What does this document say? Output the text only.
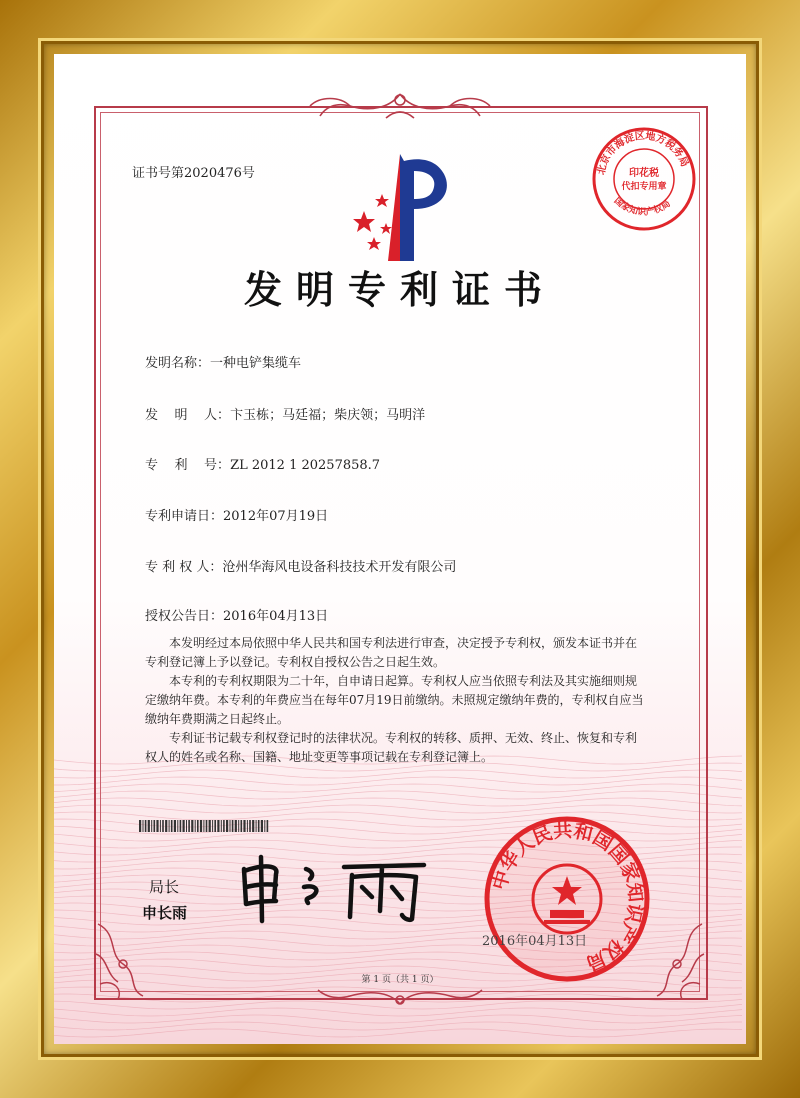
证书号第2020476号
发明专利证书
发明名称：一种电铲集缆车
发    明    人：卞玉栋；马廷福；柴庆领；马明洋
专    利    号：ZL 2012 1 20257858.7
专利申请日：2012年07月19日
专 利 权 人：沧州华海风电设备科技技术开发有限公司
授权公告日：2016年04月13日

本发明经过本局依照中华人民共和国专利法进行审查，决定授予专利权，颁发本证书并在专利登记簿上予以登记。专利权自授权公告之日起生效。

本专利的专利权期限为二十年，自申请日起算。专利权人应当依照专利法及其实施细则规定缴纳年费。本专利的年费应当在每年07月19日前缴纳。未照规定缴纳年费的，专利权自应当缴纳年费期满之日起终止。

专利证书记载专利权登记时的法律状况。专利权的转移、质押、无效、终止、恢复和专利权人的姓名或名称、国籍、地址变更等事项记载在专利登记簿上。

局长
申长雨
中华人民共和国国家知识产权局
2016年04月13日
北京市海淀区地方税务局
印花税
代扣专用章
国家知识产权局
第 1 页（共 1 页）
